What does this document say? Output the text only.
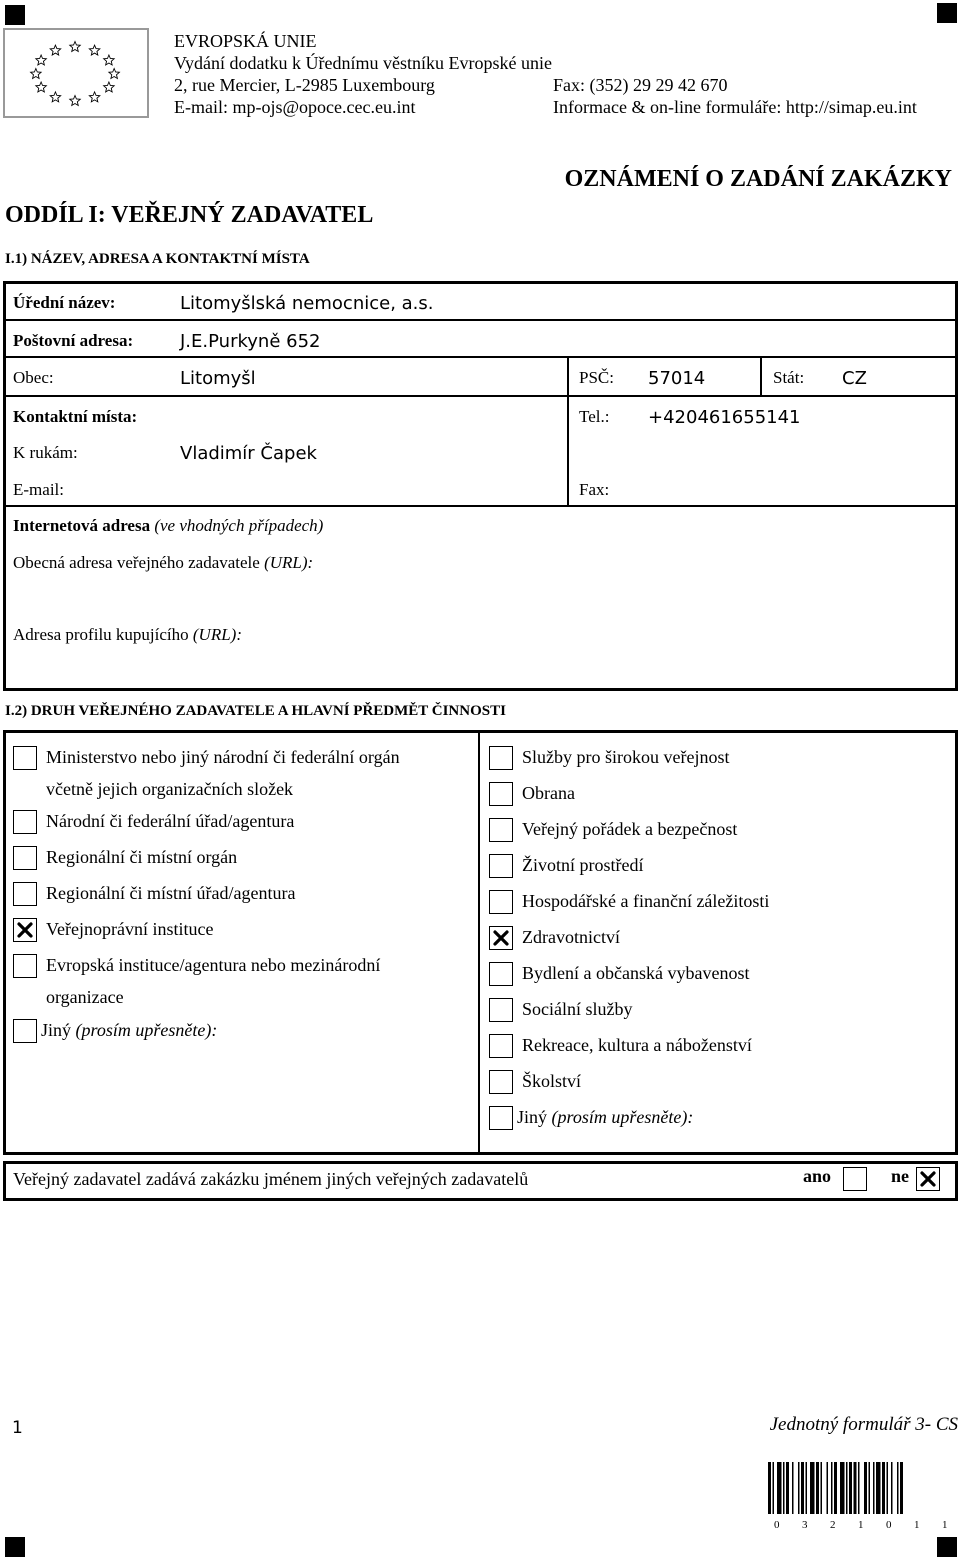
EVROPSKÁ UNIE
Vydání dodatku k Úřednímu věstníku Evropské unie
2, rue Mercier, L-2985 Luxembourg	Fax: (352) 29 29 42 670
E-mail: mp-ojs@opoce.cec.eu.int	Informace & on-line formuláře: http://simap.eu.int
OZNÁMENÍ O ZADÁNÍ ZAKÁZKY
ODDÍL I: VEŘEJNÝ ZADAVATEL
I.1) NÁZEV, ADRESA A KONTAKTNÍ MÍSTA
Úřední název:	Litomyšlská nemocnice, a.s.
Poštovní adresa:	J.E.Purkyně 652
Obec:	Litomyšl	PSČ: 57014	Stát: CZ
Kontaktní místa:	Tel.: +420461655141
K rukám:	Vladimír Čapek
E-mail:	Fax:
Internetová adresa (ve vhodných případech)
Obecná adresa veřejného zadavatele (URL):
Adresa profilu kupujícího (URL):
I.2) DRUH VEŘEJNÉHO ZADAVATELE A HLAVNÍ PŘEDMĚT ČINNOSTI
Ministerstvo nebo jiný národní či federální orgán
včetně jejich organizačních složek
Národní či federální úřad/agentura
Regionální či místní orgán
Regionální či místní úřad/agentura
Veřejnoprávní instituce
Evropská instituce/agentura nebo mezinárodní
organizace
Jiný (prosím upřesněte):
Služby pro širokou veřejnost
Obrana
Veřejný pořádek a bezpečnost
Životní prostředí
Hospodářské a finanční záležitosti
Zdravotnictví
Bydlení a občanská vybavenost
Sociální služby
Rekreace, kultura a náboženství
Školství
Jiný (prosím upřesněte):
Veřejný zadavatel zadává zakázku jménem jiných veřejných zadavatelů	ano	ne
1	Jednotný formulář 3- CS
0 3 2 1 0 1 1
